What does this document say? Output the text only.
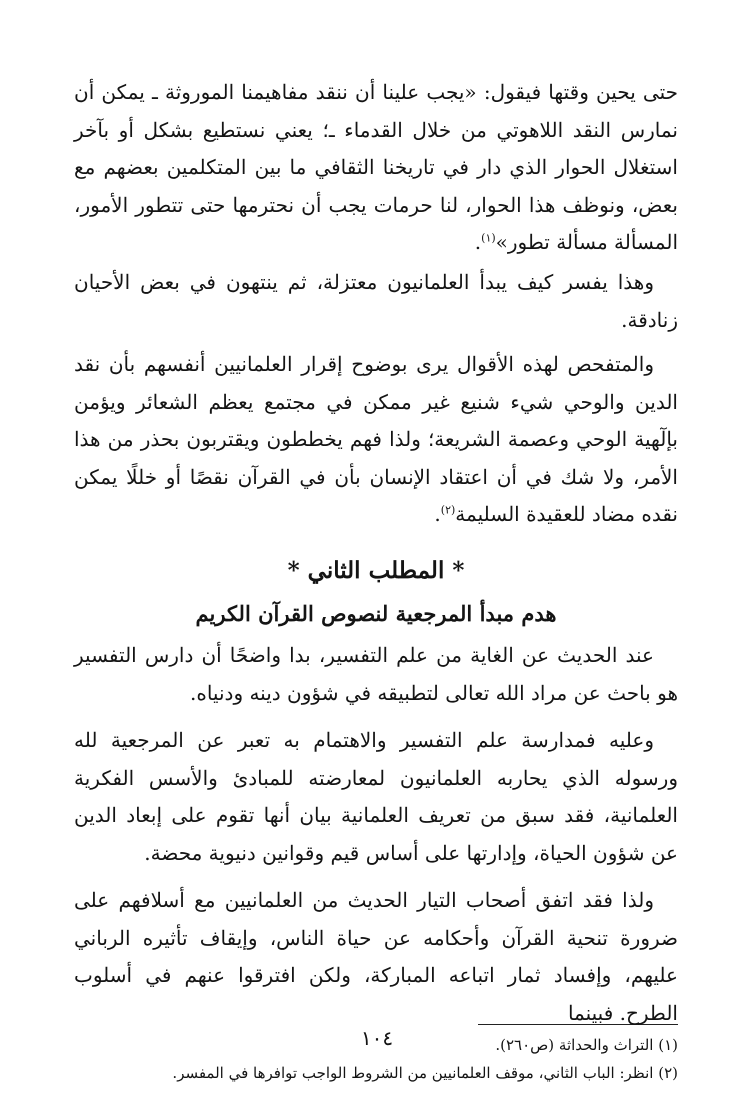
حتى يحين وقتها فيقول: «يجب علينا أن ننقد مفاهيمنا الموروثة ـ يمكن أن نمارس النقد اللاهوتي من خلال القدماء ـ؛ يعني نستطيع بشكل أو بآخر استغلال الحوار الذي دار في تاريخنا الثقافي ما بين المتكلمين بعضهم مع بعض، ونوظف هذا الحوار، لنا حرمات يجب أن نحترمها حتى تتطور الأمور، المسألة مسألة تطور»$^{(١)}$.

وهذا يفسر كيف يبدأ العلمانيون معتزلة، ثم ينتهون في بعض الأحيان زنادقة.

والمتفحص لهذه الأقوال يرى بوضوح إقرار العلمانيين أنفسهم بأن نقد الدين والوحي شيء شنيع غير ممكن في مجتمع يعظم الشعائر ويؤمن بإلٓهية الوحي وعصمة الشريعة؛ ولذا فهم يخططون ويقتربون بحذر من هذا الأمر، ولا شك في أن اعتقاد الإنسان بأن في القرآن نقصًا أو خللًا يمكن نقده مضاد للعقيدة السليمة$^{(٢)}$.

* المطلب الثاني *
هدم مبدأ المرجعية لنصوص القرآن الكريم

عند الحديث عن الغاية من علم التفسير، بدا واضحًا أن دارس التفسير هو باحث عن مراد الله تعالى لتطبيقه في شؤون دينه ودنياه.

وعليه فمدارسة علم التفسير والاهتمام به تعبر عن المرجعية لله ورسوله الذي يحاربه العلمانيون لمعارضته للمبادئ والأسس الفكرية العلمانية، فقد سبق من تعريف العلمانية بيان أنها تقوم على إبعاد الدين عن شؤون الحياة، وإدارتها على أساس قيم وقوانين دنيوية محضة.

ولذا فقد اتفق أصحاب التيار الحديث من العلمانيين مع أسلافهم على ضرورة تنحية القرآن وأحكامه عن حياة الناس، وإيقاف تأثيره الرباني عليهم، وإفساد ثمار اتباعه المباركة، ولكن افترقوا عنهم في أسلوب الطرح. فبينما

(١) التراث والحداثة (ص٢٦٠).

(٢) انظر: الباب الثاني، موقف العلمانيين من الشروط الواجب توافرها في المفسر.

١٠٤
